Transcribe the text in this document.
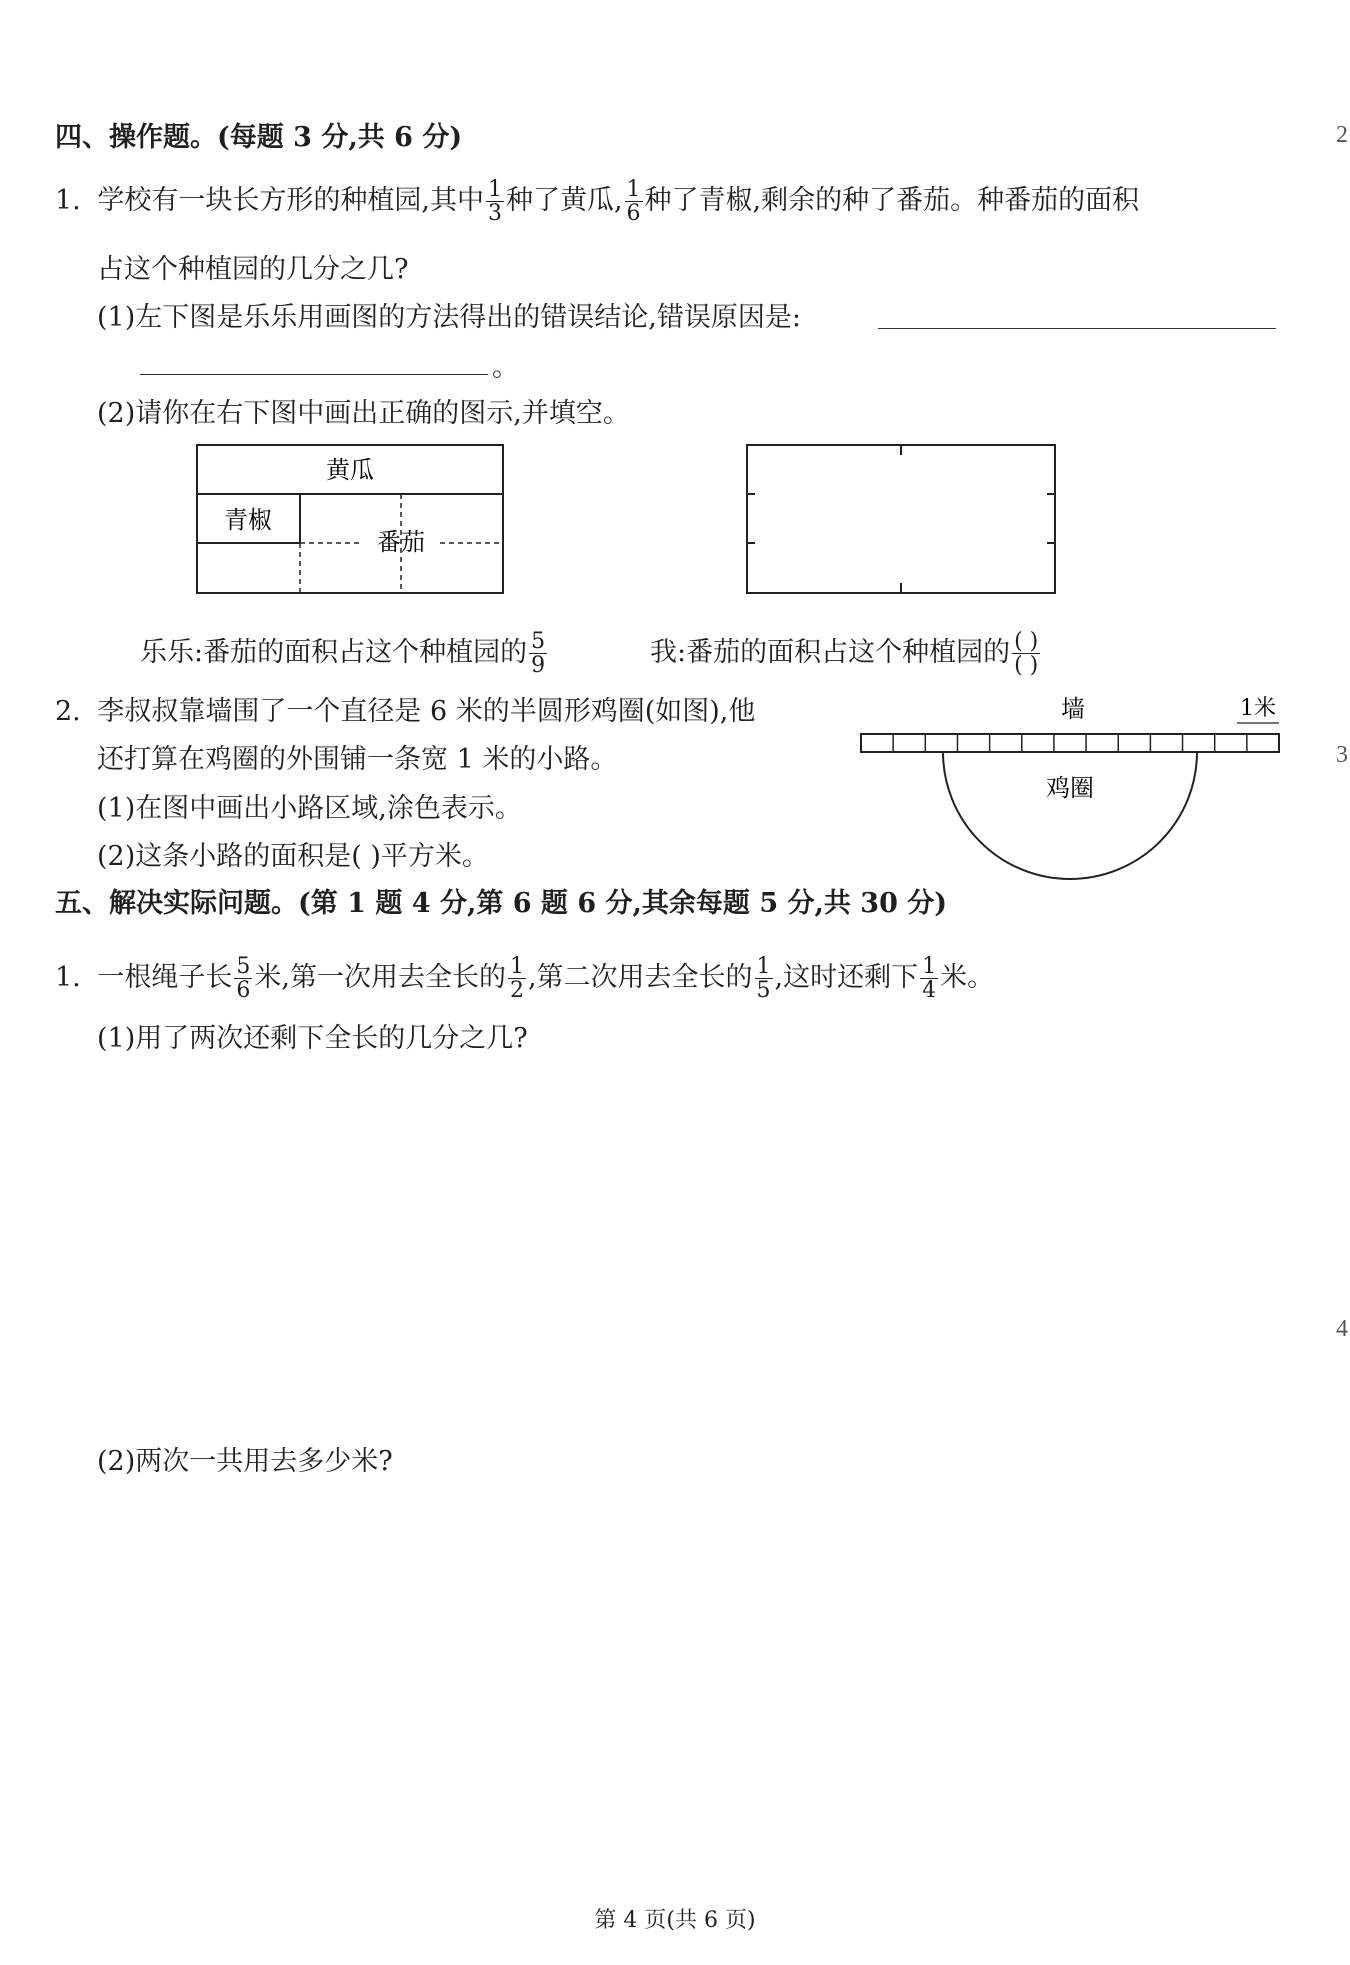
四、操作题。(每题 3 分,共 6 分)
1. 学校有一块长方形的种植园,其中 $\frac{1}{3}$ 种了黄瓜, $\frac{1}{6}$ 种了青椒,剩余的种了番茄。种番茄的面积
占这个种植园的几分之几?
(1)左下图是乐乐用画图的方法得出的错误结论,错误原因是:
。
(2)请你在右下图中画出正确的图示,并填空。
黄瓜
青椒
番茄
乐乐:番茄的面积占这个种植园的 $\frac{5}{9}$	我:番茄的面积占这个种植园的 $\frac{( )}{( )}$
2. 李叔叔靠墙围了一个直径是 6 米的半圆形鸡圈(如图),他
还打算在鸡圈的外围铺一条宽 1 米的小路。
(1)在图中画出小路区域,涂色表示。
(2)这条小路的面积是( )平方米。
墙	1米
鸡圈
五、解决实际问题。(第 1 题 4 分,第 6 题 6 分,其余每题 5 分,共 30 分)
1. 一根绳子长 $\frac{5}{6}$ 米,第一次用去全长的 $\frac{1}{2}$ ,第二次用去全长的 $\frac{1}{5}$ ,这时还剩下 $\frac{1}{4}$ 米。
(1)用了两次还剩下全长的几分之几?
(2)两次一共用去多少米?
2
3
4
第 4 页(共 6 页)
